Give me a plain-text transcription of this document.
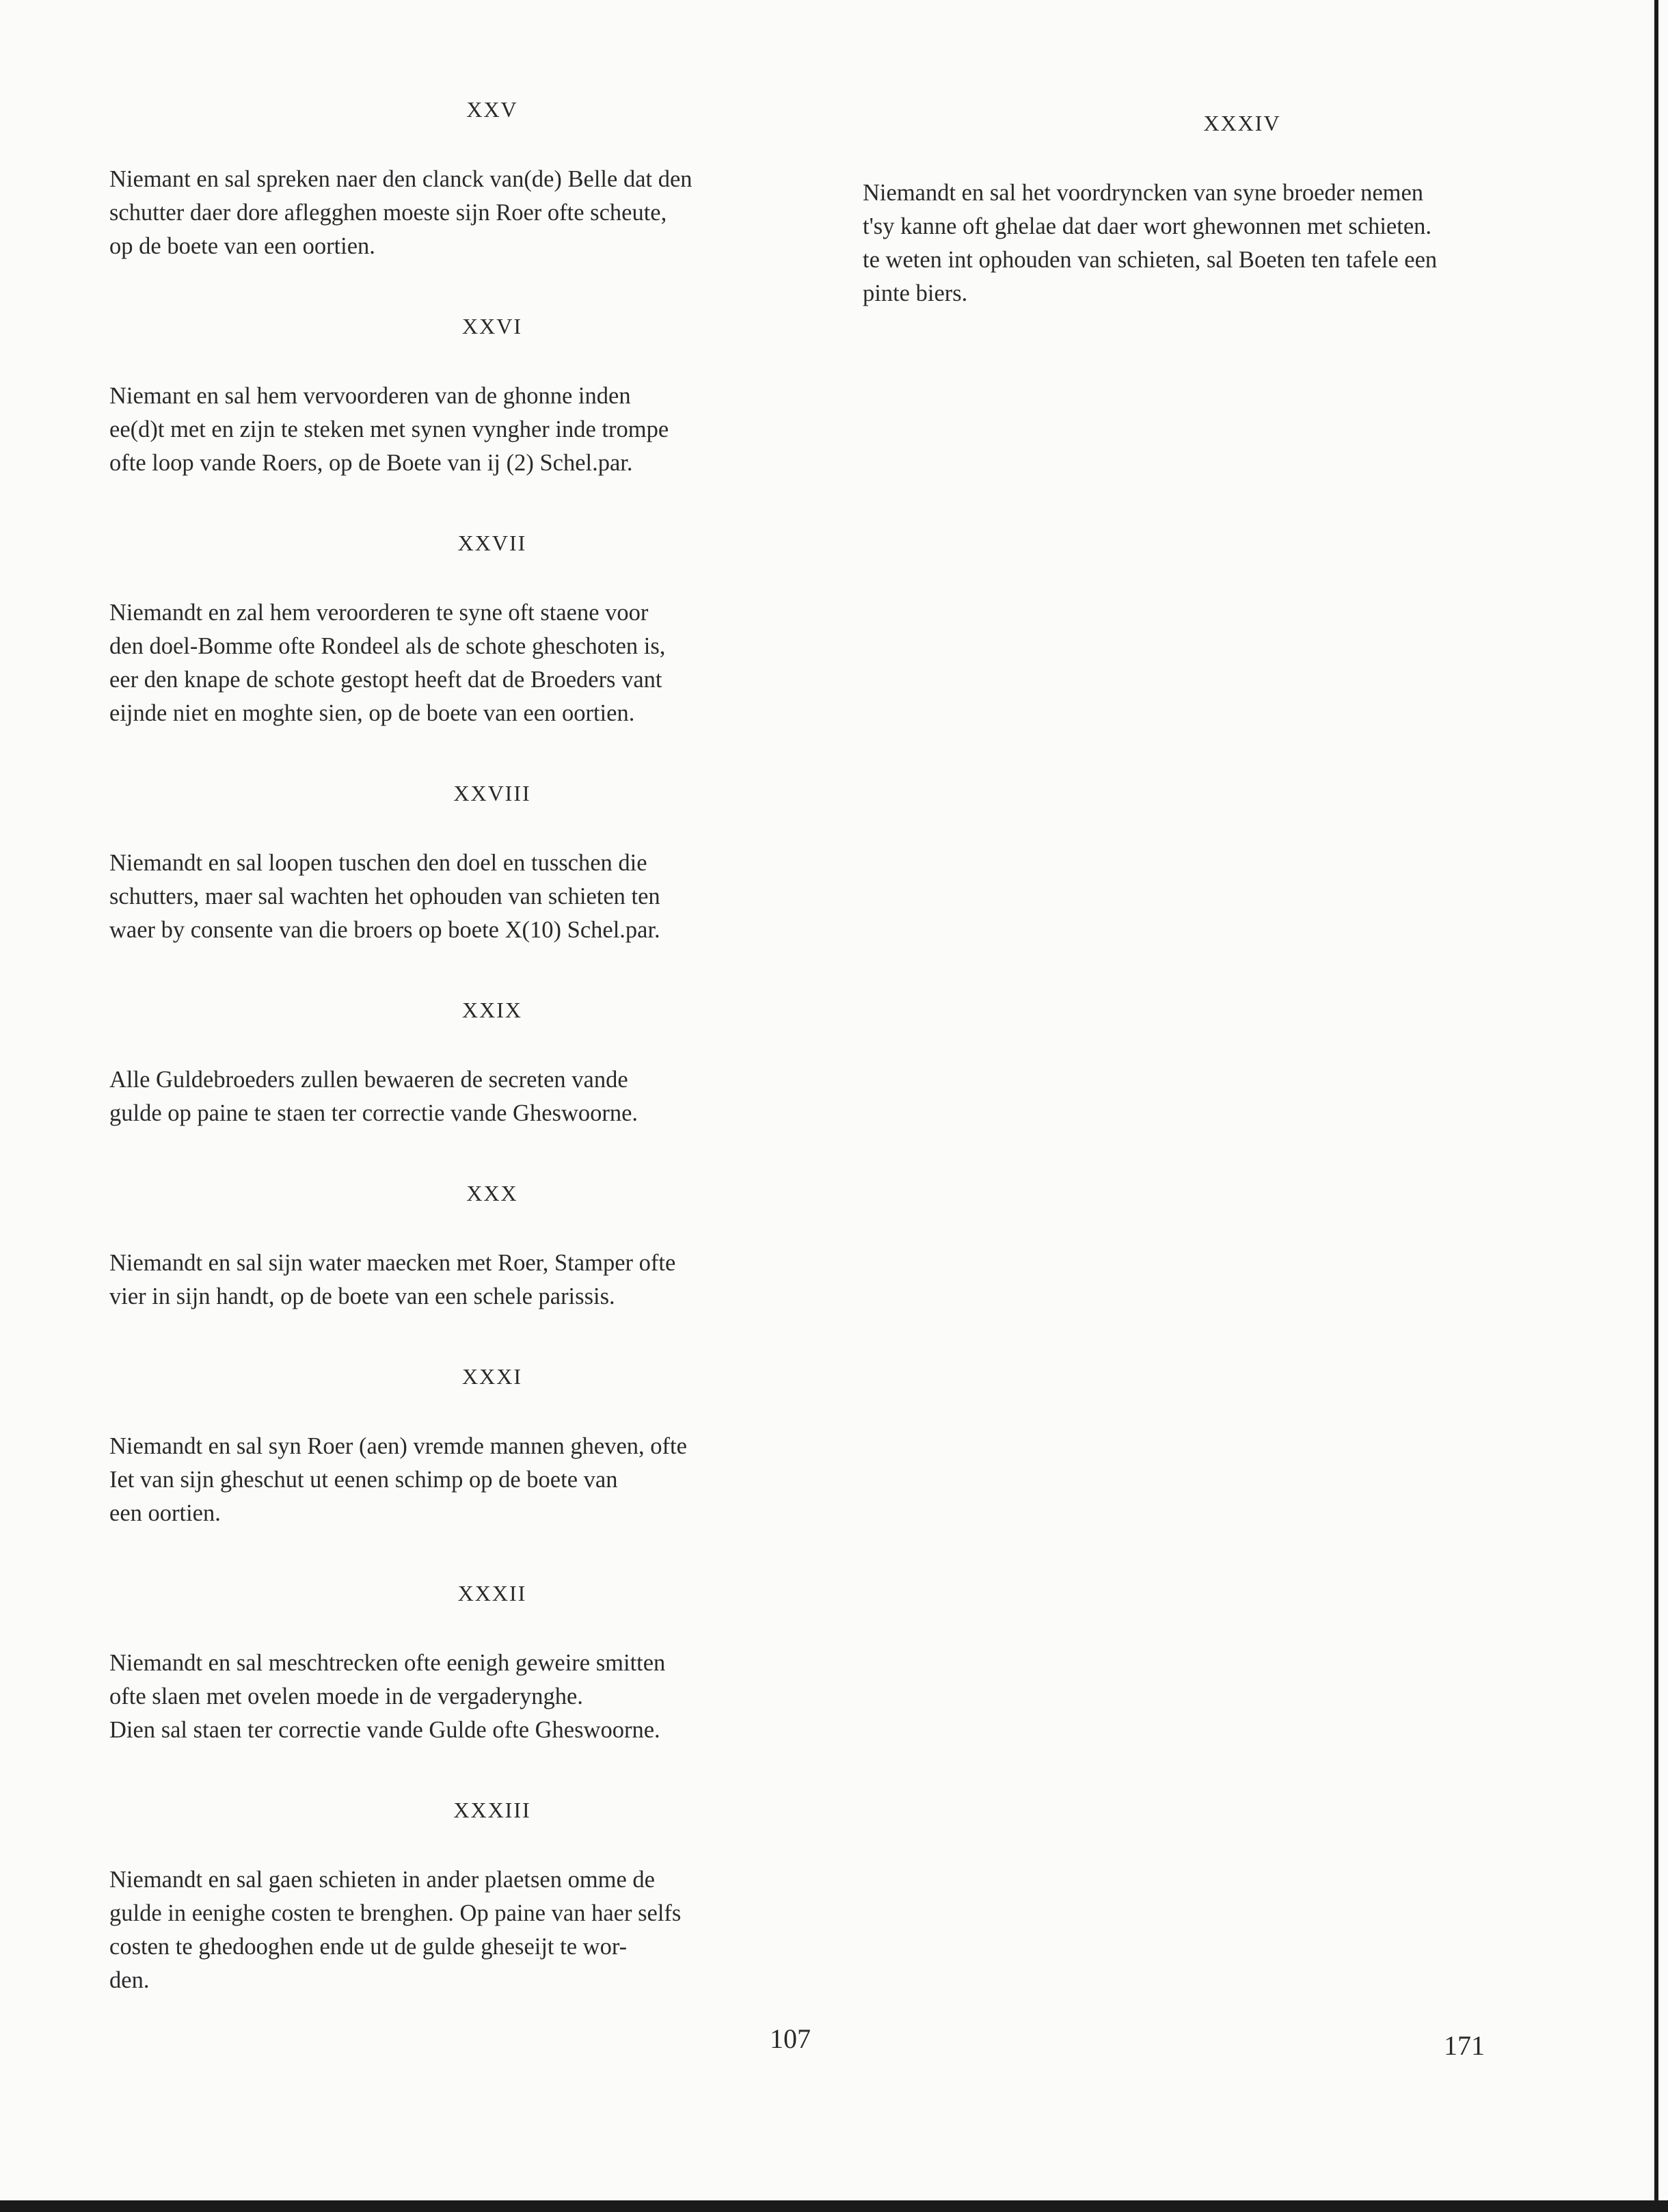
XXV

Niemant en sal spreken naer den clanck van(de) Belle dat den
schutter daer dore aflegghen moeste sijn Roer ofte scheute,
op de boete van een oortien.

XXVI

Niemant en sal hem vervoorderen van de ghonne inden
ee(d)t met en zijn te steken met synen vyngher inde trompe
ofte loop vande Roers, op de Boete van ij (2) Schel.par.

XXVII

Niemandt en zal hem veroorderen te syne oft staene voor
den doel-Bomme ofte Rondeel als de schote gheschoten is,
eer den knape de schote gestopt heeft dat de Broeders vant
eijnde niet en moghte sien, op de boete van een oortien.

XXVIII

Niemandt en sal loopen tuschen den doel en tusschen die
schutters, maer sal wachten het ophouden van schieten ten
waer by consente van die broers op boete X(10) Schel.par.

XXIX

Alle Guldebroeders zullen bewaeren de secreten vande
gulde op paine te staen ter correctie vande Gheswoorne.

XXX

Niemandt en sal sijn water maecken met Roer, Stamper ofte
vier in sijn handt, op de boete van een schele parissis.

XXXI

Niemandt en sal syn Roer (aen) vremde mannen gheven, ofte
Iet van sijn gheschut ut eenen schimp op de boete van
een oortien.

XXXII

Niemandt en sal meschtrecken ofte eenigh geweire smitten
ofte slaen met ovelen moede in de vergaderynghe.
Dien sal staen ter correctie vande Gulde ofte Gheswoorne.

XXXIII

Niemandt en sal gaen schieten in ander plaetsen omme de
gulde in eenighe costen te brenghen. Op paine van haer selfs
costen te ghedooghen ende ut de gulde gheseijt te wor-
den.

XXXIV

Niemandt en sal het voordryncken van syne broeder nemen
t'sy kanne oft ghelae dat daer wort ghewonnen met schieten.
te weten int ophouden van schieten, sal Boeten ten tafele een
pinte biers.

107	171
